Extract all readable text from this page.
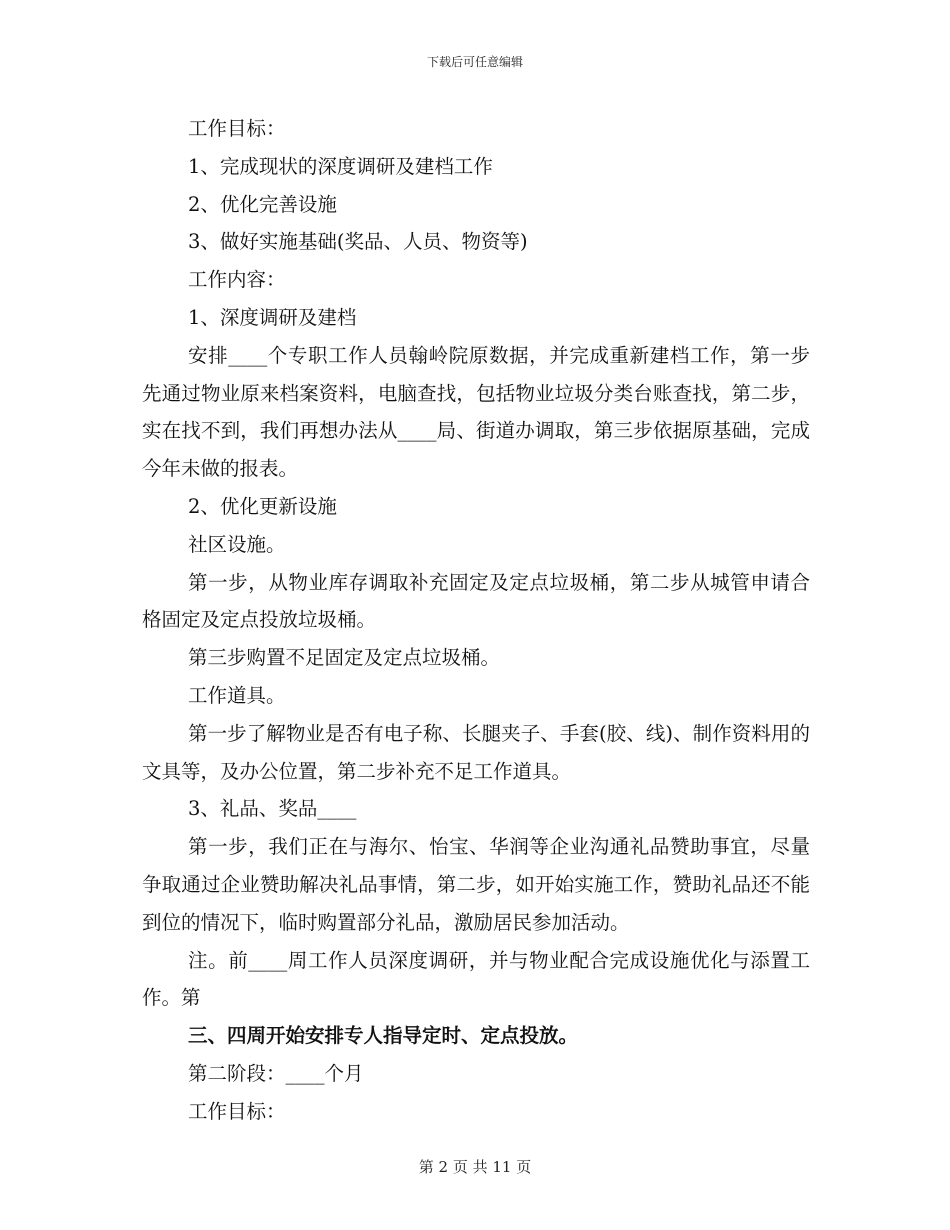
下载后可任意编辑

工作目标：

1、完成现状的深度调研及建档工作

2、优化完善设施

3、做好实施基础(奖品、人员、物资等)

工作内容：

1、深度调研及建档

安排____个专职工作人员翰岭院原数据，并完成重新建档工作，第一步先通过物业原来档案资料，电脑查找，包括物业垃圾分类台账查找，第二步，实在找不到，我们再想办法从____局、街道办调取，第三步依据原基础，完成今年未做的报表。

2、优化更新设施

社区设施。

第一步，从物业库存调取补充固定及定点垃圾桶，第二步从城管申请合格固定及定点投放垃圾桶。

第三步购置不足固定及定点垃圾桶。

工作道具。

第一步了解物业是否有电子称、长腿夹子、手套(胶、线)、制作资料用的文具等，及办公位置，第二步补充不足工作道具。

3、礼品、奖品____

第一步，我们正在与海尔、怡宝、华润等企业沟通礼品赞助事宜，尽量争取通过企业赞助解决礼品事情，第二步，如开始实施工作，赞助礼品还不能到位的情况下，临时购置部分礼品，激励居民参加活动。

注。前____周工作人员深度调研，并与物业配合完成设施优化与添置工作。第

三、四周开始安排专人指导定时、定点投放。

第二阶段：____个月

工作目标：

第 2 页 共 11 页
